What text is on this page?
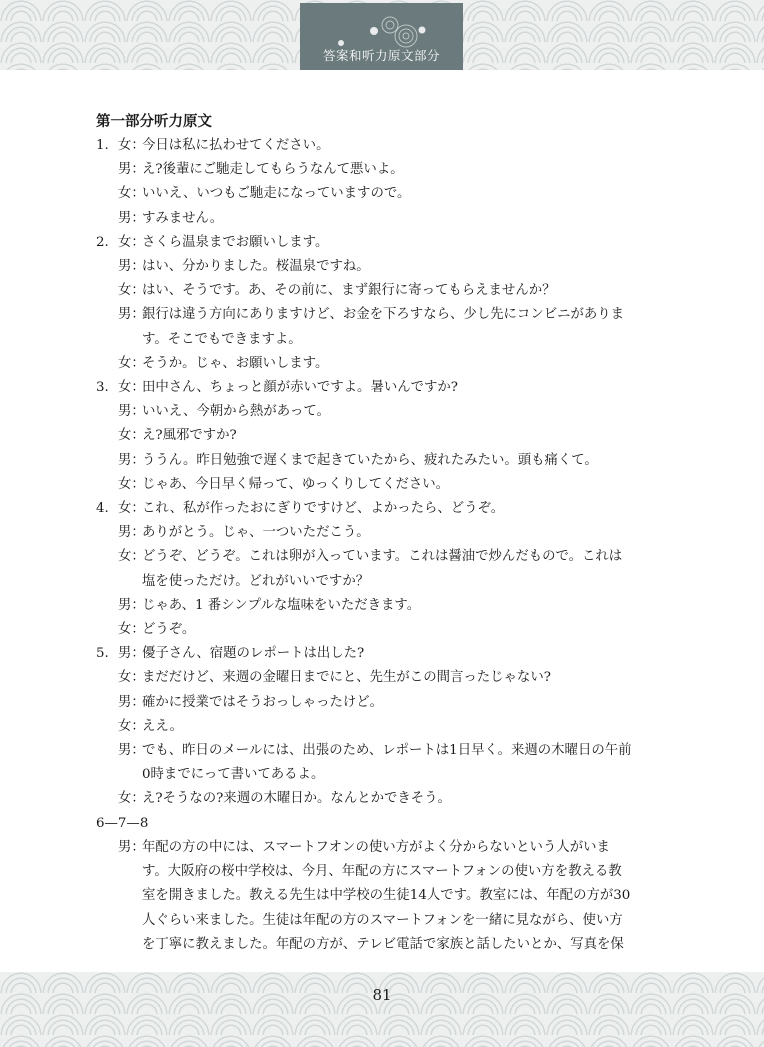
答案和听力原文部分
第一部分听力原文
1. 女：
今日は私に払わせてください。
男：
え?後輩にご馳走してもらうなんて悪いよ。
女：
いいえ、いつもご馳走になっていますので。
男：
すみません。
2. 女：
さくら温泉までお願いします。
男：
はい、分かりました。桜温泉ですね。
女：
はい、そうです。あ、その前に、まず銀行に寄ってもらえませんか？
男：
銀行は違う方向にありますけど、お金を下ろすなら、少し先にコンビニがありま
す。そこでもできますよ。
女：
そうか。じゃ、お願いします。
3. 女：
田中さん、ちょっと顔が赤いですよ。暑いんですか?
男：
いいえ、今朝から熱があって。
女：
え?風邪ですか?
男：
ううん。昨日勉強で遅くまで起きていたから、疲れたみたい。頭も痛くて。
女：
じゃあ、今日早く帰って、ゆっくりしてください。
4. 女：
これ、私が作ったおにぎりですけど、よかったら、どうぞ。
男：
ありがとう。じゃ、一ついただこう。
女：
どうぞ、どうぞ。これは卵が入っています。これは醤油で炒んだもので。これは
塩を使っただけ。どれがいいですか？
男：
じゃあ、1 番シンプルな塩味をいただきます。
女：
どうぞ。
5. 男：
優子さん、宿題のレポートは出した?
女：
まだだけど、来週の金曜日までにと、先生がこの間言ったじゃない?
男：
確かに授業ではそうおっしゃったけど。
女：
ええ。
男：
でも、昨日のメールには、出張のため、レポートは1日早く。来週の木曜日の午前
0時までにって書いてあるよ。
女：
え?そうなの?来週の木曜日か。なんとかできそう。
6—7—8
男：
年配の方の中には、スマートフオンの使い方がよく分からないという人がいま
す。大阪府の桜中学校は、今月、年配の方にスマートフォンの使い方を教える教
室を開きました。教える先生は中学校の生徒14人です。教室には、年配の方が30
人ぐらい来ました。生徒は年配の方のスマートフォンを一緒に見ながら、使い方
を丁寧に教えました。年配の方が、テレビ電話で家族と話したいとか、写真を保
81
